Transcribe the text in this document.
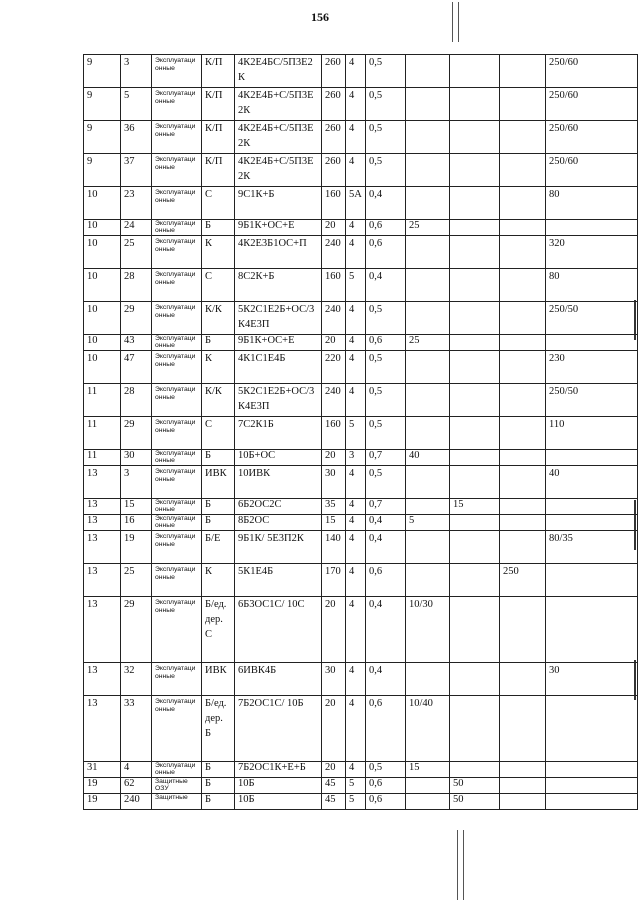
156
9	3	Эксплуатационные	К/П	4К2Е4БС/5П3Е2К	260	4	0,5				250/60
9	5	Эксплуатационные	К/П	4К2Е4Б+С/5П3Е2К	260	4	0,5				250/60
9	36	Эксплуатационные	К/П	4К2Е4Б+С/5П3Е2К	260	4	0,5				250/60
9	37	Эксплуатационные	К/П	4К2Е4Б+С/5П3Е2К	260	4	0,5				250/60
10	23	Эксплуатационные	С	9С1К+Б	160	5А	0,4				80
10	24	Эксплуатационные	Б	9Б1К+ОС+Е	20	4	0,6	25			
10	25	Эксплуатационные	К	4К2Е3Б1ОС+П	240	4	0,6				320
10	28	Эксплуатационные	С	8С2К+Б	160	5	0,4				80
10	29	Эксплуатационные	К/К	5К2С1Е2Б+ОС/3К4Е3П	240	4	0,5				250/50
10	43	Эксплуатационные	Б	9Б1К+ОС+Е	20	4	0,6	25			
10	47	Эксплуатационные	К	4К1С1Е4Б	220	4	0,5				230
11	28	Эксплуатационные	К/К	5К2С1Е2Б+ОС/3К4Е3П	240	4	0,5				250/50
11	29	Эксплуатационные	С	7С2К1Б	160	5	0,5				110
11	30	Эксплуатационные	Б	10Б+ОС	20	3	0,7	40			
13	3	Эксплуатационные	ИВК	10ИВК	30	4	0,5				40
13	15	Эксплуатационные	Б	6Б2ОС2С	35	4	0,7		15		
13	16	Эксплуатационные	Б	8Б2ОС	15	4	0,4	5			
13	19	Эксплуатационные	Б/Е	9Б1К/ 5Е3П2К	140	4	0,4				80/35
13	25	Эксплуатационные	К	5К1Е4Б	170	4	0,6			250	
13	29	Эксплуатационные	Б/ед. дер. С	6Б3ОС1С/ 10С	20	4	0,4	10/30			
13	32	Эксплуатационные	ИВК	6ИВК4Б	30	4	0,4				30
13	33	Эксплуатационные	Б/ед. дер. Б	7Б2ОС1С/ 10Б	20	4	0,6	10/40			
31	4	Эксплуатационные	Б	7Б2ОС1К+Е+Б	20	4	0,5	15			
19	62	Защитные ОЗУ	Б	10Б	45	5	0,6		50		
19	240	Защитные	Б	10Б	45	5	0,6		50		
